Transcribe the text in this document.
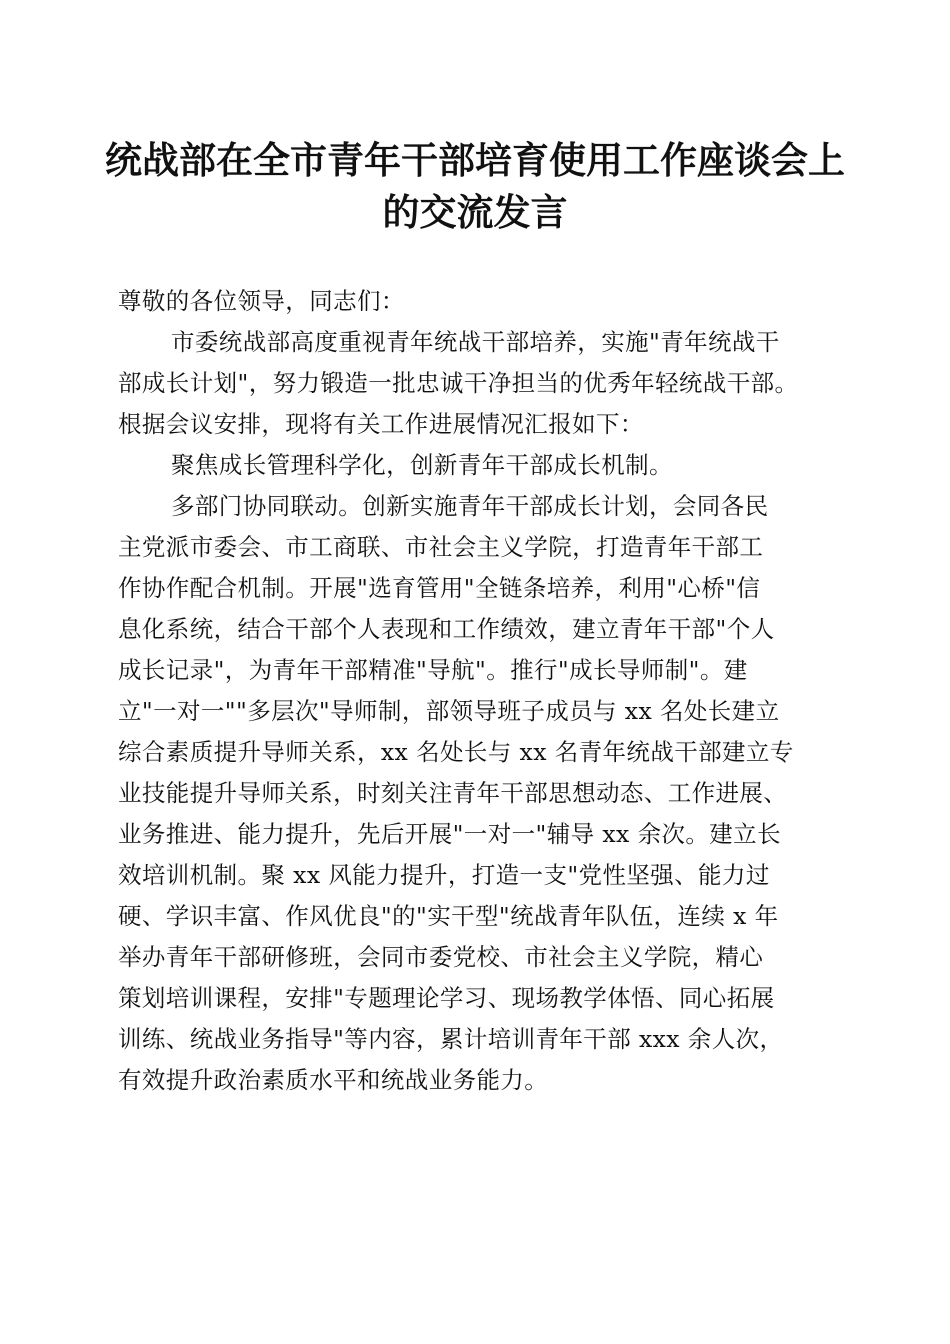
统战部在全市青年干部培育使用工作座谈会上
的交流发言
尊敬的各位领导，同志们：
市委统战部高度重视青年统战干部培养，实施"青年统战干
部成长计划"，努力锻造一批忠诚干净担当的优秀年轻统战干部。
根据会议安排，现将有关工作进展情况汇报如下：
聚焦成长管理科学化，创新青年干部成长机制。
多部门协同联动。创新实施青年干部成长计划，会同各民
主党派市委会、市工商联、市社会主义学院，打造青年干部工
作协作配合机制。开展"选育管用"全链条培养，利用"心桥"信
息化系统，结合干部个人表现和工作绩效，建立青年干部"个人
成长记录"，为青年干部精准"导航"。推行"成长导师制"。建
立"一对一""多层次"导师制，部领导班子成员与 xx 名处长建立
综合素质提升导师关系，xx 名处长与 xx 名青年统战干部建立专
业技能提升导师关系，时刻关注青年干部思想动态、工作进展、
业务推进、能力提升，先后开展"一对一"辅导 xx 余次。建立长
效培训机制。聚 xx 风能力提升，打造一支"党性坚强、能力过
硬、学识丰富、作风优良"的"实干型"统战青年队伍，连续 x 年
举办青年干部研修班，会同市委党校、市社会主义学院，精心
策划培训课程，安排"专题理论学习、现场教学体悟、同心拓展
训练、统战业务指导"等内容，累计培训青年干部 xxx 余人次，
有效提升政治素质水平和统战业务能力。
